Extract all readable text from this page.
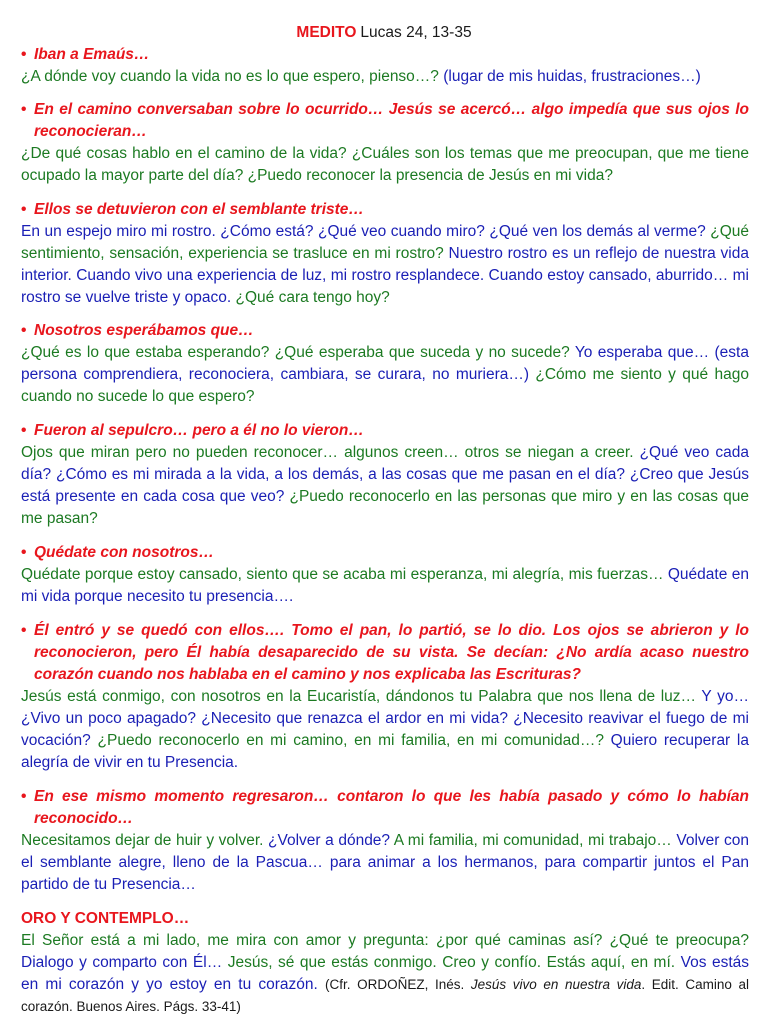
MEDITO Lucas 24, 13-35
• Iban a Emaús…
¿A dónde voy cuando la vida no es lo que espero, pienso…? (lugar de mis huidas, frustraciones…)
• En el camino conversaban sobre lo ocurrido… Jesús se acercó… algo impedía que sus ojos lo reconocieran…
¿De qué cosas hablo en el camino de la vida? ¿Cuáles son los temas que me preocupan, que me tiene ocupado la mayor parte del día? ¿Puedo reconocer la presencia de Jesús en mi vida?
• Ellos se detuvieron con el semblante triste…
En un espejo miro mi rostro. ¿Cómo está? ¿Qué veo cuando miro? ¿Qué ven los demás al verme? ¿Qué sentimiento, sensación, experiencia se trasluce en mi rostro? Nuestro rostro es un reflejo de nuestra vida interior. Cuando vivo una experiencia de luz, mi rostro resplandece. Cuando estoy cansado, aburrido… mi rostro se vuelve triste y opaco. ¿Qué cara tengo hoy?
• Nosotros esperábamos que…
¿Qué es lo que estaba esperando? ¿Qué esperaba que suceda y no sucede? Yo esperaba que… (esta persona comprendiera, reconociera, cambiara, se curara, no muriera…) ¿Cómo me siento y qué hago cuando no sucede lo que espero?
• Fueron al sepulcro… pero a él no lo vieron…
Ojos que miran pero no pueden reconocer… algunos creen… otros se niegan a creer. ¿Qué veo cada día? ¿Cómo es mi mirada a la vida, a los demás, a las cosas que me pasan en el día? ¿Creo que Jesús está presente en cada cosa que veo? ¿Puedo reconocerlo en las personas que miro y en las cosas que me pasan?
• Quédate con nosotros…
Quédate porque estoy cansado, siento que se acaba mi esperanza, mi alegría, mis fuerzas… Quédate en mi vida porque necesito tu presencia….
• Él entró y se quedó con ellos…. Tomo el pan, lo partió, se lo dio. Los ojos se abrieron y lo reconocieron, pero Él había desaparecido de su vista. Se decían: ¿No ardía acaso nuestro corazón cuando nos hablaba en el camino y nos explicaba las Escrituras?
Jesús está conmigo, con nosotros en la Eucaristía, dándonos tu Palabra que nos llena de luz… Y yo… ¿Vivo un poco apagado? ¿Necesito que renazca el ardor en mi vida? ¿Necesito reavivar el fuego de mi vocación? ¿Puedo reconocerlo en mi camino, en mi familia, en mi comunidad…? Quiero recuperar la alegría de vivir en tu Presencia.
• En ese mismo momento regresaron… contaron lo que les había pasado y cómo lo habían reconocido…
Necesitamos dejar de huir y volver. ¿Volver a dónde? A mi familia, mi comunidad, mi trabajo… Volver con el semblante alegre, lleno de la Pascua… para animar a los hermanos, para compartir juntos el Pan partido de tu Presencia…
ORO Y CONTEMPLO…
El Señor está a mi lado, me mira con amor y pregunta: ¿por qué caminas así? ¿Qué te preocupa? Dialogo y comparto con Él… Jesús, sé que estás conmigo. Creo y confío. Estás aquí, en mí. Vos estás en mi corazón y yo estoy en tu corazón. (Cfr. ORDOÑEZ, Inés. Jesús vivo en nuestra vida. Edit. Camino al corazón. Buenos Aires. Págs. 33-41)
